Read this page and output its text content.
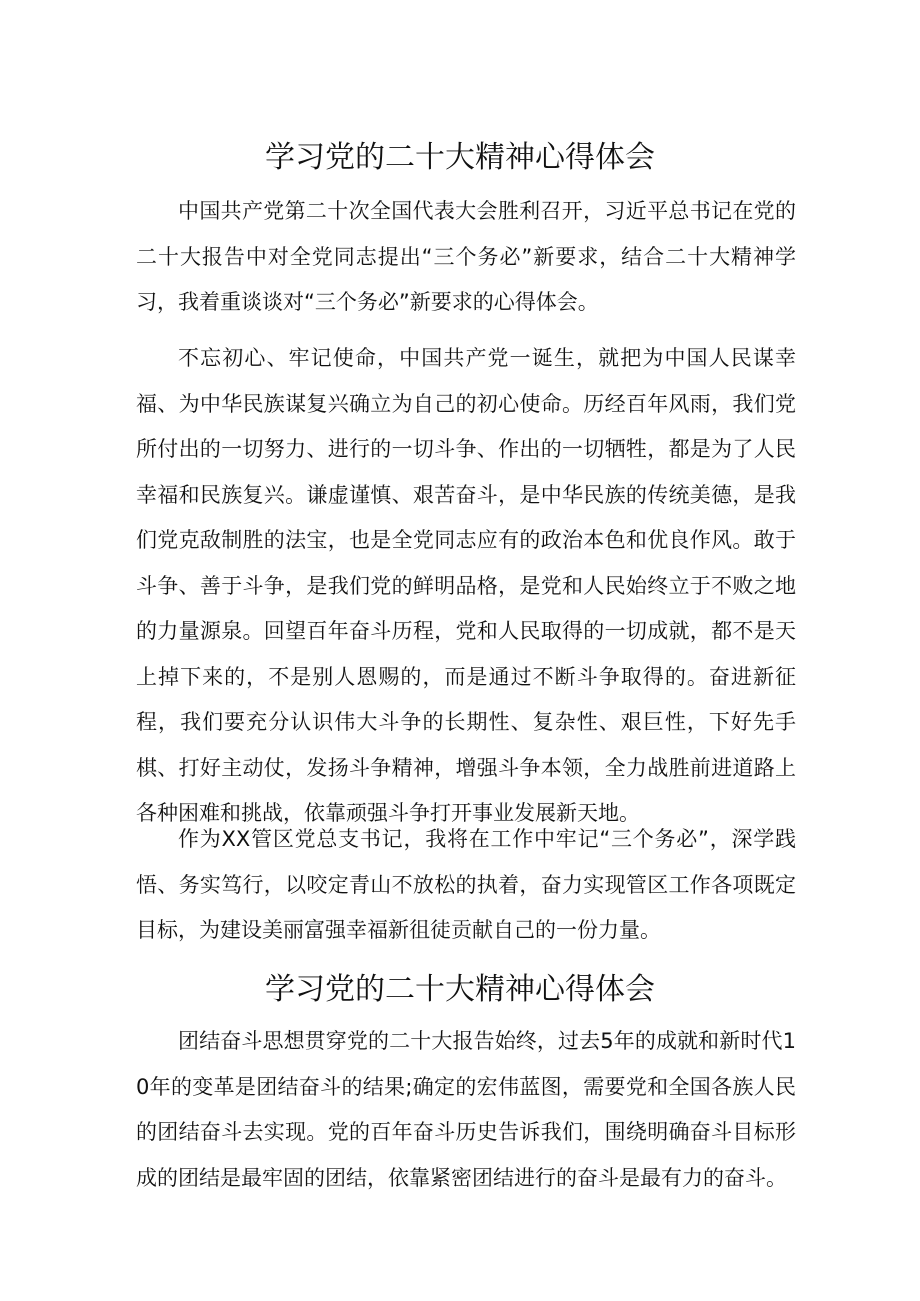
学习党的二十大精神心得体会

中国共产党第二十次全国代表大会胜利召开，习近平总书记在党的二十大报告中对全党同志提出“三个务必”新要求，结合二十大精神学习，我着重谈谈对“三个务必”新要求的心得体会。

不忘初心、牢记使命，中国共产党一诞生，就把为中国人民谋幸福、为中华民族谋复兴确立为自己的初心使命。历经百年风雨，我们党所付出的一切努力、进行的一切斗争、作出的一切牺牲，都是为了人民幸福和民族复兴。谦虚谨慎、艰苦奋斗，是中华民族的传统美德，是我们党克敌制胜的法宝，也是全党同志应有的政治本色和优良作风。敢于斗争、善于斗争，是我们党的鲜明品格，是党和人民始终立于不败之地的力量源泉。回望百年奋斗历程，党和人民取得的一切成就，都不是天上掉下来的，不是别人恩赐的，而是通过不断斗争取得的。奋进新征程，我们要充分认识伟大斗争的长期性、复杂性、艰巨性，下好先手棋、打好主动仗，发扬斗争精神，增强斗争本领，全力战胜前进道路上各种困难和挑战，依靠顽强斗争打开事业发展新天地。

作为XX管区党总支书记，我将在工作中牢记“三个务必”，深学践悟、务实笃行，以咬定青山不放松的执着，奋力实现管区工作各项既定目标，为建设美丽富强幸福新徂徒贡献自己的一份力量。

学习党的二十大精神心得体会

团结奋斗思想贯穿党的二十大报告始终，过去5年的成就和新时代10年的变革是团结奋斗的结果;确定的宏伟蓝图，需要党和全国各族人民的团结奋斗去实现。党的百年奋斗历史告诉我们，围绕明确奋斗目标形成的团结是最牢固的团结，依靠紧密团结进行的奋斗是最有力的奋斗。
